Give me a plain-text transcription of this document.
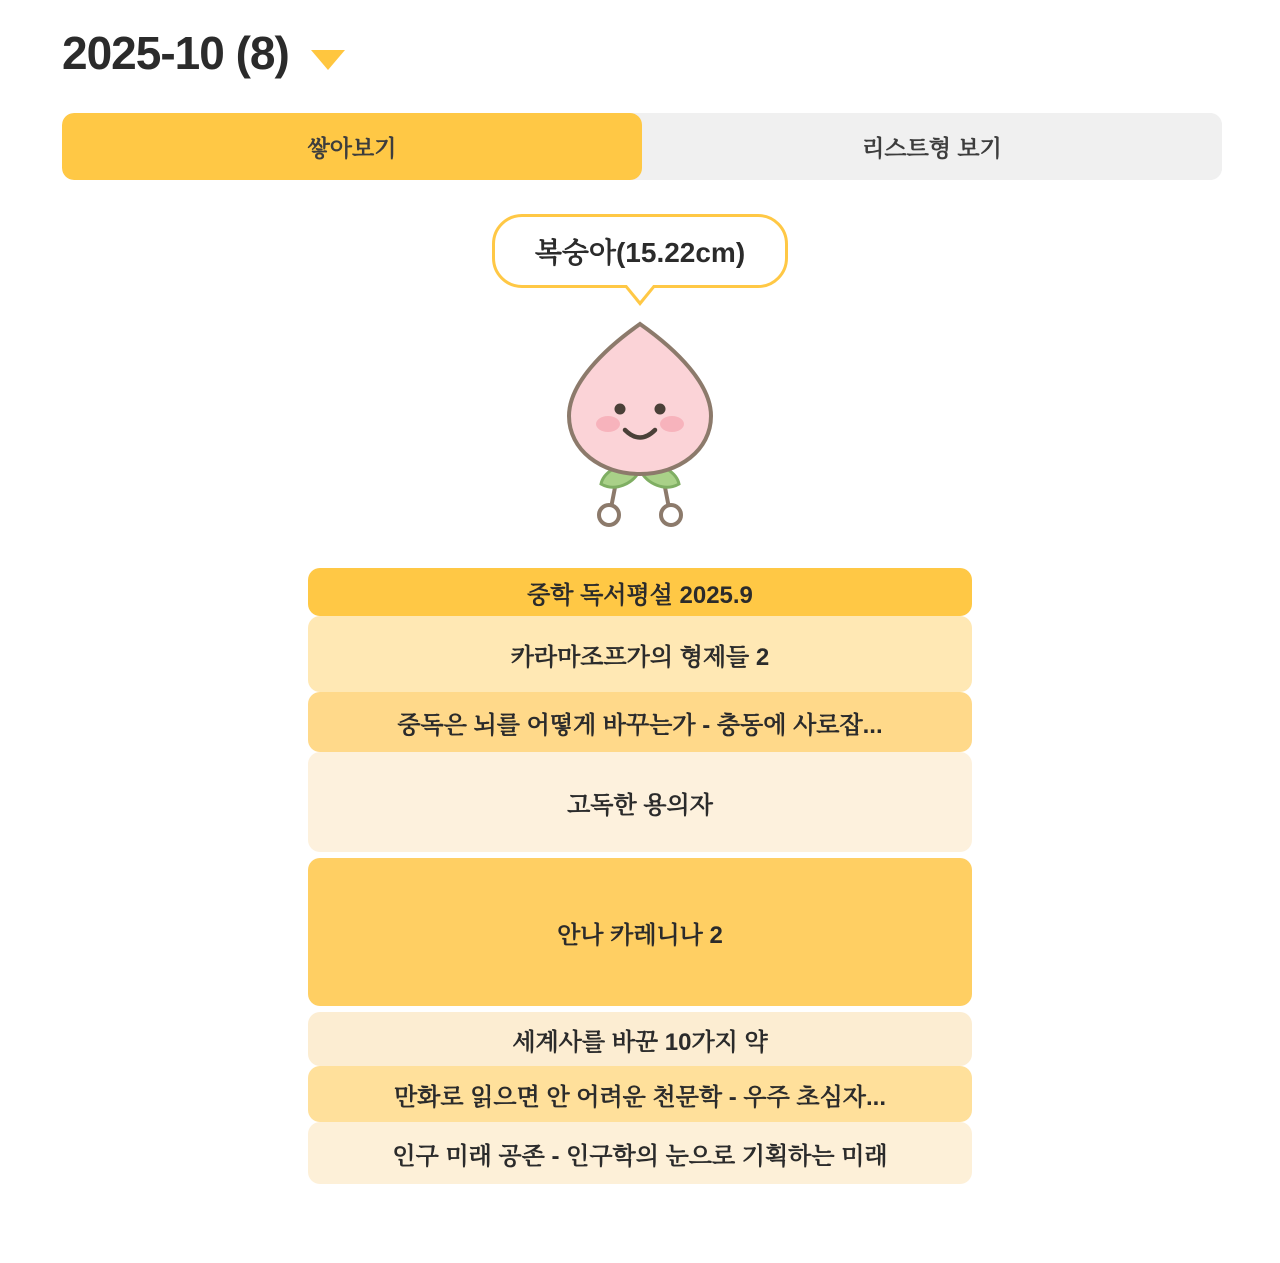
2025-10 (8)
쌓아보기	리스트형 보기
복숭아(15.22cm)
중학 독서평설 2025.9
카라마조프가의 형제들 2
중독은 뇌를 어떻게 바꾸는가 - 충동에 사로잡...
고독한 용의자
안나 카레니나 2
세계사를 바꾼 10가지 약
만화로 읽으면 안 어려운 천문학 - 우주 초심자...
인구 미래 공존 - 인구학의 눈으로 기획하는 미래
